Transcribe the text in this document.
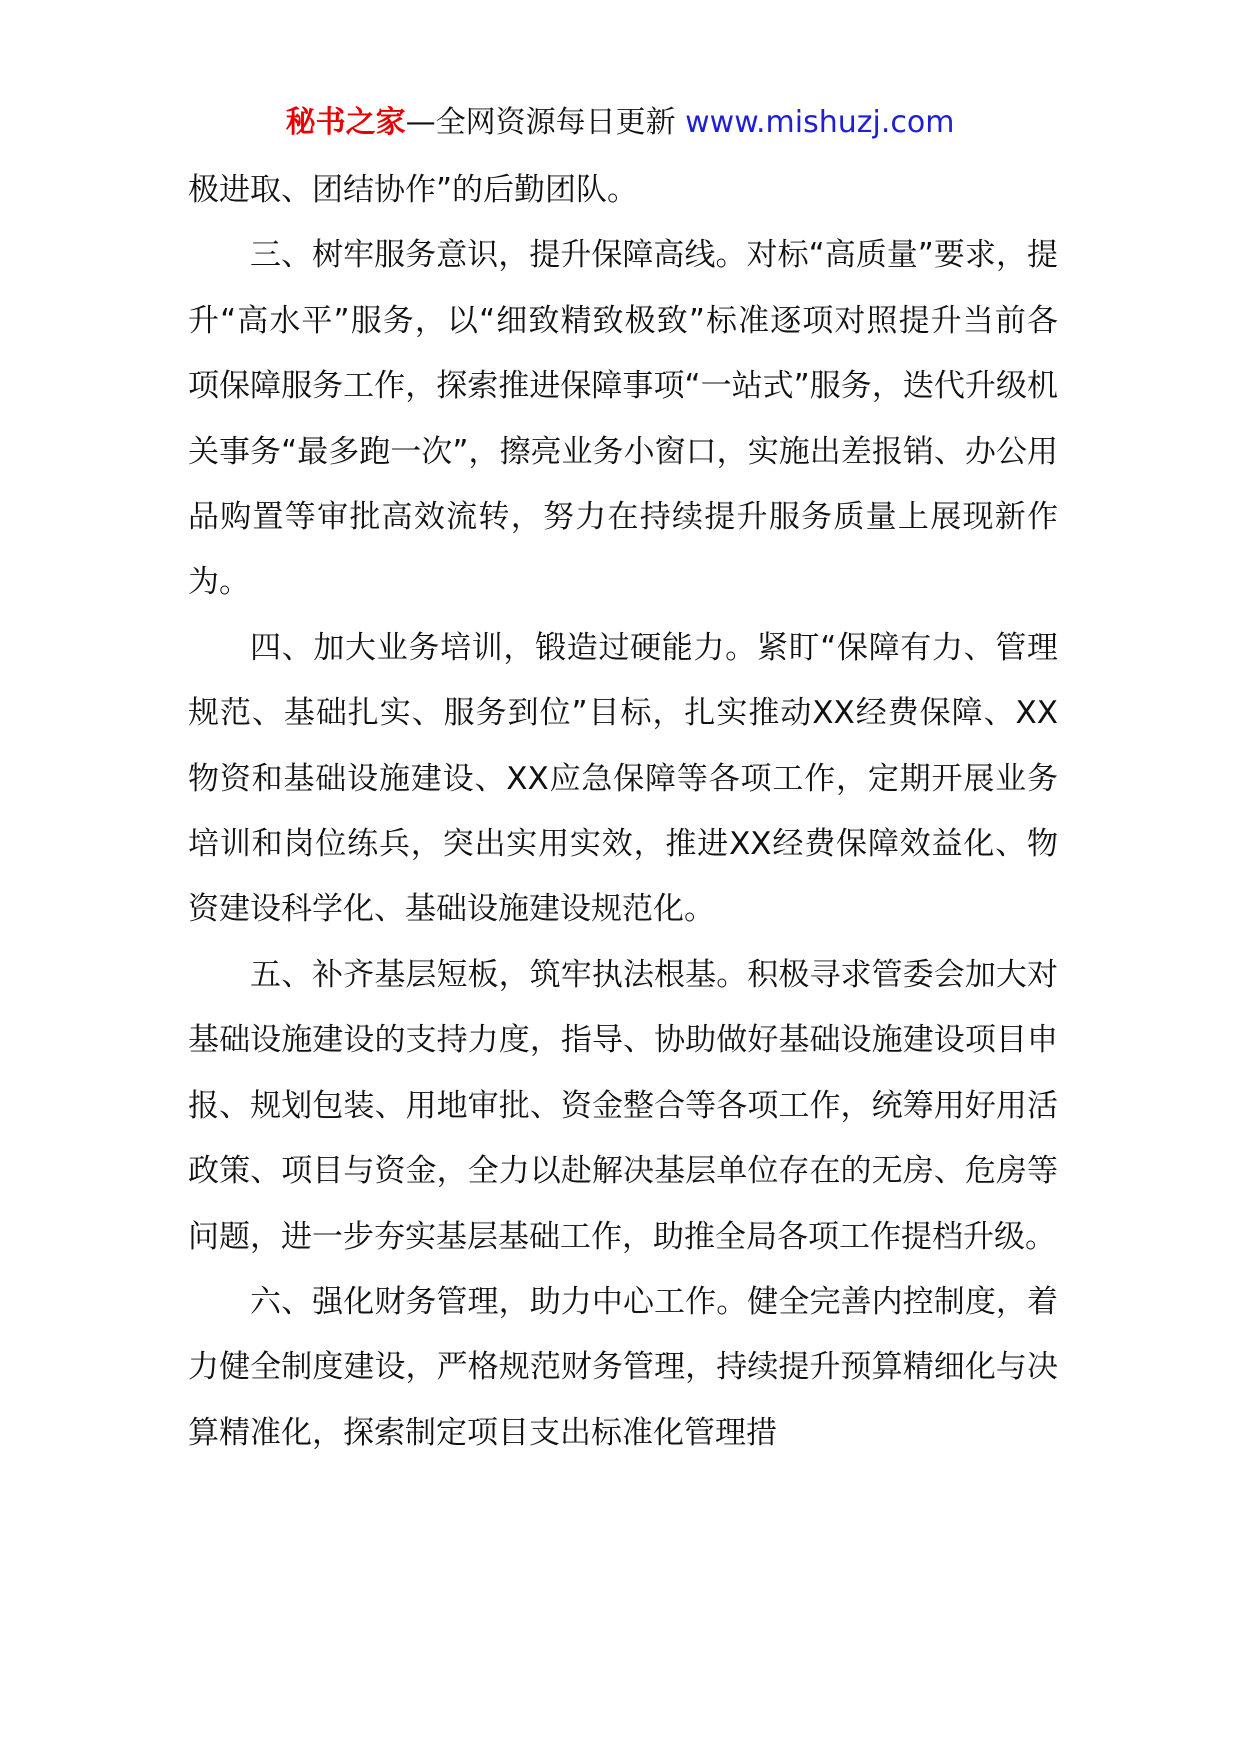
秘书之家—全网资源每日更新 www.mishuzj.com

极进取、团结协作”的后勤团队。

三、树牢服务意识，提升保障高线。对标“高质量”要求，提升“高水平”服务，以“细致精致极致”标准逐项对照提升当前各项保障服务工作，探索推进保障事项“一站式”服务，迭代升级机关事务“最多跑一次”，擦亮业务小窗口，实施出差报销、办公用品购置等审批高效流转，努力在持续提升服务质量上展现新作为。

四、加大业务培训，锻造过硬能力。紧盯“保障有力、管理规范、基础扎实、服务到位”目标，扎实推动XX经费保障、XX物资和基础设施建设、XX应急保障等各项工作，定期开展业务培训和岗位练兵，突出实用实效，推进XX经费保障效益化、物资建设科学化、基础设施建设规范化。

五、补齐基层短板，筑牢执法根基。积极寻求管委会加大对基础设施建设的支持力度，指导、协助做好基础设施建设项目申报、规划包装、用地审批、资金整合等各项工作，统筹用好用活政策、项目与资金，全力以赴解决基层单位存在的无房、危房等问题，进一步夯实基层基础工作，助推全局各项工作提档升级。

六、强化财务管理，助力中心工作。健全完善内控制度，着力健全制度建设，严格规范财务管理，持续提升预算精细化与决算精准化，探索制定项目支出标准化管理措
